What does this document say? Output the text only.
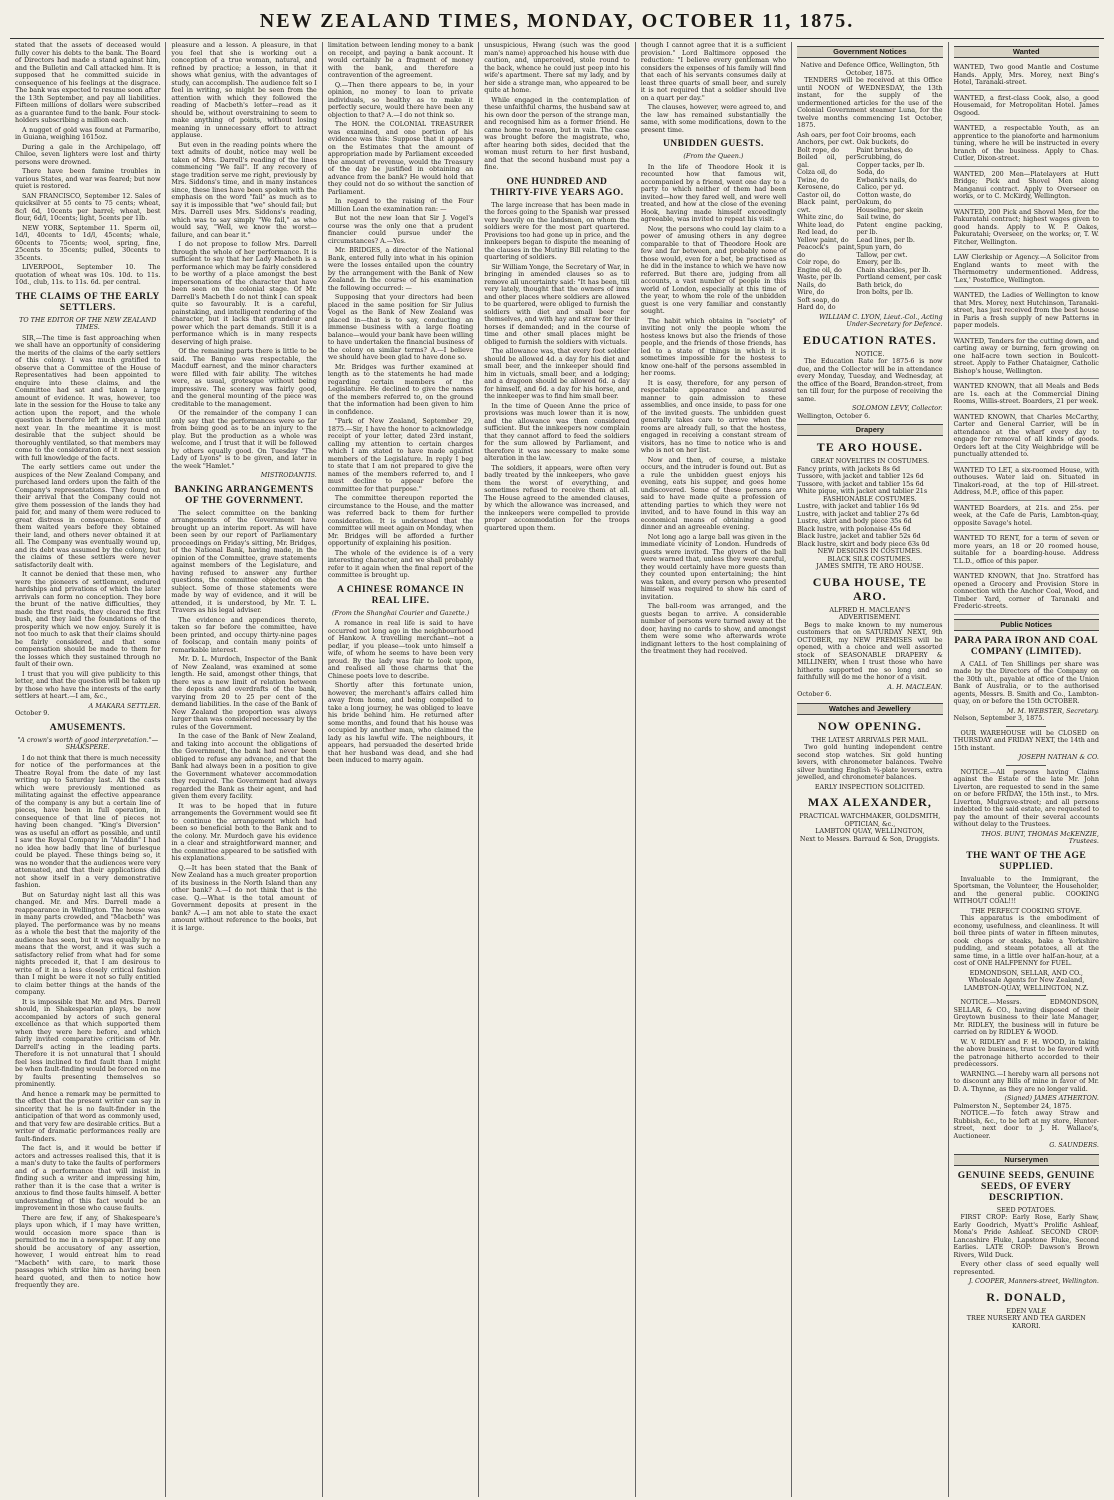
NEW ZEALAND TIMES, MONDAY, OCTOBER 11, 1875.

stated that the assets of deceased would fully cover his debts to the bank. The Board of Directors had made a stand against him, and the Bulletin and Call attacked him. It is supposed that he committed suicide in consequence of his feelings at the disgrace. The bank was expected to resume soon after the 13th September, and pay all liabilities. Fifteen millions of dollars were subscribed as a guarantee fund to the bank. Four stock-holders subscribing a million each.

A nugget of gold was found at Parmaribo, in Guiana, weighing 1615oz.

During a gale in the Archipelago, off Chiloe, seven lighters were lost and thirty persons were drowned.

There have been famine troubles in various States, and war was feared; but now quiet is restored.

SAN FRANCISCO, September 12. Sales of quicksilver at 55 cents to 75 cents; wheat, 8c/l 6d, 10cents per barrel; wheat, best flour, 6d/l, 10cents; light, 5cents per 1lb.

NEW YORK, September 11. Sperm oil, 1d/l, 40cents to 1d/l, 45cents; whale, 60cents to 75cents; wool, spring, fine, 25cents to 35cents; pulled, 30cents to 35cents.

LIVERPOOL, September 10. The quotation of wheat was 10s. 10d. to 11s. 10d., club, 11s. to 11s. 6d. per central.

THE CLAIMS OF THE EARLY SETTLERS.
TO THE EDITOR OF THE NEW ZEALAND TIMES.

SIR,—The time is fast approaching when we shall have an opportunity of considering the merits of the claims of the early settlers of this colony. I was much gratified to observe that a Committee of the House of Representatives had been appointed to enquire into these claims, and the Committee had sat and taken a large amount of evidence. It was, however, too late in the session for the House to take any action upon the report, and the whole question is therefore left in abeyance until next year. In the meantime it is most desirable that the subject should be thoroughly ventilated, so that members may come to the consideration of it next session with full knowledge of the facts.

The early settlers came out under the auspices of the New Zealand Company, and purchased land orders upon the faith of the Company's representations. They found on their arrival that the Company could not give them possession of the lands they had paid for, and many of them were reduced to great distress in consequence. Some of them waited years before they obtained their land, and others never obtained it at all. The Company was eventually wound up, and its debt was assumed by the colony, but the claims of these settlers were never satisfactorily dealt with.

It cannot be denied that these men, who were the pioneers of settlement, endured hardships and privations of which the later arrivals can form no conception. They bore the brunt of the native difficulties, they made the first roads, they cleared the first bush, and they laid the foundations of the prosperity which we now enjoy. Surely it is not too much to ask that their claims should be fairly considered, and that some compensation should be made to them for the losses which they sustained through no fault of their own.

I trust that you will give publicity to this letter, and that the question will be taken up by those who have the interests of the early settlers at heart.—I am, &c.,

A MAKARA SETTLER.
October 9.
AMUSEMENTS.
"A crown's worth of good interpretation."—SHAKSPERE.

I do not think that there is much necessity for notice of the performances at the Theatre Royal from the date of my last writing up to Saturday last. All the casts which were previously mentioned as militating against the effective appearance of the company is any but a certain line of pieces, have been in full operation, in consequence of that line of pieces not having been changed. "King's Diversion" was as useful an effort as possible, and until I saw the Royal Company in "Aladdin" I had no idea how badly that line of burlesque could be played. These things being so, it was no wonder that the audiences were very attenuated, and that their applications did not show itself in a very demonstrative fashion.

But on Saturday night last all this was changed. Mr. and Mrs. Darrell made a reappearance in Wellington. The house was in many parts crowded, and "Macbeth" was played. The performance was by no means as a whole the best that the majority of the audience has seen, but it was equally by no means that the worst, and it was such a satisfactory relief from what had for some nights preceded it, that I am desirous to write of it in a less closely critical fashion than I might be were it not so fully entitled to claim better things at the hands of the company.

It is impossible that Mr. and Mrs. Darrell should, in Shakespearian plays, be now accompanied by actors of such general excellence as that which supported them when they were here before, and which fairly invited comparative criticism of Mr. Darrell's acting in the leading parts. Therefore it is not unnatural that I should feel less inclined to find fault than I might be when fault-finding would be forced on me by faults presenting themselves so prominently.

And hence a remark may be permitted to the effect that the present writer can say in sincerity that he is no fault-finder in the anticipation of that word as commonly used, and that very few are desirable critics. But a writer of dramatic performances really are fault-finders.

The fact is, and it would be better if actors and actresses realised this, that it is a man's duty to take the faults of performers and of a performance that will insist in finding such a writer and impressing him, rather than it is the case that a writer is anxious to find those faults himself. A better understanding of this fact would be an improvement in those who cause faults.

There are few, if any, of Shakespeare's plays upon which, if I may have written, would occasion more space than is permitted to me in a newspaper. If any one should be accusatory of any assertion, however, I would entreat him to read "Macbeth" with care, to mark those passages which strike him as having been heard quoted, and then to notice how frequently they are.

pleasure and a lesson. A pleasure, in that you feel that she is working out a conception of a true woman, natural, and refined by practice; a lesson, in that it shows what genius, with the advantages of study, can accomplish. The audience felt so I feel in writing, so might be seen from the attention with which they followed the reading of Macbeth's letter—read as it should be, without overstraining to seem to make anything of points, without losing meaning in unnecessary effort to attract applause.

But even in the reading points where the text admits of doubt, notice may well be taken of Mrs. Darrell's reading of the lines commencing "We fail". If any recovery of stage tradition serve me right, previously by Mrs. Siddons's time, and in many instances since, these lines have been spoken with the emphasis on the word "fail" as much as to say it is impossible that "we" should fail; but Mrs. Darrell uses Mrs. Siddons's reading, which was to say simply "We fail," as who would say, "Well, we know the worst—failure, and can bear it."

I do not propose to follow Mrs. Darrell through the whole of her performance. It is sufficient to say that her Lady Macbeth is a performance which may be fairly considered to be worthy of a place amongst the best impersonations of the character that have been seen on the colonial stage. Of Mr. Darrell's Macbeth I do not think I can speak quite so favourably. It is a careful, painstaking, and intelligent rendering of the character, but it lacks that grandeur and power which the part demands. Still it is a performance which is in many respects deserving of high praise.

Of the remaining parts there is little to be said. The Banquo was respectable, the Macduff earnest, and the minor characters were filled with fair ability. The witches were, as usual, grotesque without being impressive. The scenery was fairly good, and the general mounting of the piece was creditable to the management.

Of the remainder of the company I can only say that the performances were so far from being good as to be an injury to the play. But the production as a whole was welcome, and I trust that it will be followed by others equally good. On Tuesday "The Lady of Lyons" is to be given, and later in the week "Hamlet."

MISTRODANTIS.
BANKING ARRANGEMENTS OF THE GOVERNMENT.

The select committee on the banking arrangements of the Government have brought up an interim report. As will have been seen by our report of Parliamentary proceedings on Friday's sitting, Mr. Bridges, of the National Bank, having made, in the opinion of the Committee, grave statements against members of the Legislature, and having refused to answer any further questions, the committee objected on the subject. Some of those statements were made by way of evidence, and it will be attended, it is understood, by Mr. T. L. Travers as his legal adviser.

The evidence and appendices thereto, taken so far before the committee, have been printed, and occupy thirty-nine pages of foolscap, and contain many points of remarkable interest.

Mr. D. L. Murdoch, Inspector of the Bank of New Zealand, was examined at some length. He said, amongst other things, that there was a new limit of relation between the deposits and overdrafts of the bank, varying from 20 to 25 per cent of the demand liabilities. In the case of the Bank of New Zealand the proportion was always larger than was considered necessary by the rules of the Government.

In the case of the Bank of New Zealand, and taking into account the obligations of the Government, the bank had never been obliged to refuse any advance, and that the Bank had always been in a position to give the Government whatever accommodation they required. The Government had always regarded the Bank as their agent, and had given them every facility.

It was to be hoped that in future arrangements the Government would see fit to continue the arrangement which had been so beneficial both to the Bank and to the colony. Mr. Murdoch gave his evidence in a clear and straightforward manner, and the committee appeared to be satisfied with his explanations.

Q.—It has been stated that the Bank of New Zealand has a much greater proportion of its business in the North Island than any other bank? A.—I do not think that is the case. Q.—What is the total amount of Government deposits at present in the bank? A.—I am not able to state the exact amount without reference to the books, but it is large.

limitation between lending money to a bank on receipt, and paying a bank account. It would certainly be a fragment of money with the bank, and therefore a contravention of the agreement.

Q.—Then there appears to be, in your opinion, no money to loan to private individuals, so healthy as to make it perfectly secure, would there have been any objection to that? A.—I do not think so.

The HON. the COLONIAL TREASURER was examined, and one portion of his evidence was this: Suppose that it appears on the Estimates that the amount of appropriation made by Parliament exceeded the amount of revenue, would the Treasury of the day be justified in obtaining an advance from the bank? He would hold that they could not do so without the sanction of Parliament.

In regard to the raising of the Four Million Loan the examination ran: —

But not the new loan that Sir J. Vogel's course was the only one that a prudent financier could pursue under the circumstances? A.—Yes.

Mr. BRIDGES, a director of the National Bank, entered fully into what in his opinion were the losses entailed upon the country by the arrangement with the Bank of New Zealand. In the course of his examination the following occurred: —

Supposing that your directors had been placed in the same position for Sir Julius Vogel as the Bank of New Zealand was placed in—that is to say, conducting an immense business with a large floating balance—would your bank have been willing to have undertaken the financial business of the colony on similar terms? A.—I believe we should have been glad to have done so.

Mr. Bridges was further examined at length as to the statements he had made regarding certain members of the Legislature. He declined to give the names of the members referred to, on the ground that the information had been given to him in confidence.

"Park of New Zealand, September 29, 1875.—Sir, I have the honor to acknowledge receipt of your letter, dated 23rd instant, calling my attention to certain charges which I am stated to have made against members of the Legislature. In reply I beg to state that I am not prepared to give the names of the members referred to, and I must decline to appear before the committee for that purpose."

The committee thereupon reported the circumstance to the House, and the matter was referred back to them for further consideration. It is understood that the committee will meet again on Monday, when Mr. Bridges will be afforded a further opportunity of explaining his position.

The whole of the evidence is of a very interesting character, and we shall probably refer to it again when the final report of the committee is brought up.

A CHINESE ROMANCE IN REAL LIFE.
(From the Shanghai Courier and Gazette.)

A romance in real life is said to have occurred not long ago in the neighbourhood of Hankow. A travelling merchant—not a pedlar, if you please—took unto himself a wife, of whom he seems to have been very proud. By the lady was fair to look upon, and realised all those charms that the Chinese poets love to describe.

Shortly after this fortunate union, however, the merchant's affairs called him away from home, and being compelled to take a long journey, he was obliged to leave his bride behind him. He returned after some months, and found that his house was occupied by another man, who claimed the lady as his lawful wife. The neighbours, it appears, had persuaded the deserted bride that her husband was dead, and she had been induced to marry again.

unsuspicious, Hwang (such was the good man's name) approached his house with due caution, and, unperceived, stole round to the back, whence he could just peep into his wife's apartment. There sat my lady, and by her side a strange man, who appeared to be quite at home.

While engaged in the contemplation of these unfaithful charms, the husband saw at his own door the person of the strange man, and recognised him as a former friend. He came home to reason, but in vain. The case was brought before the magistrate, who, after hearing both sides, decided that the woman must return to her first husband, and that the second husband must pay a fine.

ONE HUNDRED AND THIRTY-FIVE YEARS AGO.

The large increase that has been made in the forces going to the Spanish war pressed very heavily on the landsmen, on whom the soldiers were for the most part quartered. Provisions too had gone up in price, and the innkeepers began to dispute the meaning of the clauses in the Mutiny Bill relating to the quartering of soldiers.

Sir William Yonge, the Secretary of War, in bringing in amended clauses so as to remove all uncertainty said: "It has been, till very lately, thought that the owners of inns and other places where soldiers are allowed to be quartered, were obliged to furnish the soldiers with diet and small beer for themselves, and with hay and straw for their horses if demanded; and in the course of time and other small places might be obliged to furnish the soldiers with victuals.

The allowance was, that every foot soldier should be allowed 4d. a day for his diet and small beer, and the innkeeper should find him in victuals, small beer, and a lodging; and a dragoon should be allowed 6d. a day for himself, and 6d. a day for his horse, and the innkeeper was to find him small beer.

In the time of Queen Anne the price of provisions was much lower than it is now, and the allowance was then considered sufficient. But the innkeepers now complain that they cannot afford to feed the soldiers for the sum allowed by Parliament, and therefore it was necessary to make some alteration in the law.

The soldiers, it appears, were often very badly treated by the innkeepers, who gave them the worst of everything, and sometimes refused to receive them at all. The House agreed to the amended clauses, by which the allowance was increased, and the innkeepers were compelled to provide proper accommodation for the troops quartered upon them.

though I cannot agree that it is a sufficient provision." Lord Baltimore opposed the reduction: "I believe every gentleman who considers the expenses of his family will find that each of his servants consumes daily at least three quarts of small beer, and surely it is not required that a soldier should live on a quart per day."

The clauses, however, were agreed to, and the law has remained substantially the same, with some modifications, down to the present time.

UNBIDDEN GUESTS.
(From the Queen.)

In the life of Theodore Hook it is recounted how that famous wit, accompanied by a friend, went one day to a party to which neither of them had been invited—how they fared well, and were well treated, and how at the close of the evening Hook, having made himself exceedingly agreeable, was invited to repeat his visit.

Now, the persons who could lay claim to a power of amusing others in any degree comparable to that of Theodore Hook are few and far between, and probably none of those would, even for a bet, be practised as he did in the instance to which we have now referred. But there are, judging from all accounts, a vast number of people in this world of London, especially at this time of the year, to whom the role of the unbidden guest is one very familiar and constantly sought.

The habit which obtains in "society" of inviting not only the people whom the hostess knows but also the friends of those people, and the friends of those friends, has led to a state of things in which it is sometimes impossible for the hostess to know one-half of the persons assembled in her rooms.

It is easy, therefore, for any person of respectable appearance and assured manner to gain admission to these assemblies, and once inside, to pass for one of the invited guests. The unbidden guest generally takes care to arrive when the rooms are already full, so that the hostess, engaged in receiving a constant stream of visitors, has no time to notice who is and who is not on her list.

Now and then, of course, a mistake occurs, and the intruder is found out. But as a rule the unbidden guest enjoys his evening, eats his supper, and goes home undiscovered. Some of these persons are said to have made quite a profession of attending parties to which they were not invited, and to have found in this way an economical means of obtaining a good dinner and an agreeable evening.

Not long ago a large ball was given in the immediate vicinity of London. Hundreds of guests were invited. The givers of the ball were warned that, unless they were careful, they would certainly have more guests than they counted upon entertaining; the hint was taken, and every person who presented himself was required to show his card of invitation.

The ball-room was arranged, and the guests began to arrive. A considerable number of persons were turned away at the door, having no cards to show, and amongst them were some who afterwards wrote indignant letters to the host complaining of the treatment they had received.

Government Notices
Native and Defence Office, Wellington, 5th October, 1875.

TENDERS will be received at this Office until NOON of WEDNESDAY, the 13th instant, for the supply of the undermentioned articles for the use of the Colonial Government steamer Luna, for the twelve months commencing 1st October, 1875.

Ash oars, per foot
Anchors, per cwt.
Bolt rope, do
Boiled oil, per gal.
Colza oil, do
Twine, do
Kerosene, do
Castor oil, do
Black paint, per cwt.
White zinc, do
White lead, do
Red lead, do
Yellow paint, do
Peacock's paint, do
Coir rope, do
Engine oil, do
Waste, per lb.
Nails, do
Wire, do
Soft soap, do
Hard do, do
Coir brooms, each
Oak buckets, do
Paint brushes, do
Scrubbing, do
Copper tacks, per lb.
Soda, do
Ewbank's nails, do
Calico, per yd.
Cotton waste, do
Oakum, do
Houseline, per skein
Sail twine, do
Patent engine packing, per lb.
Lead lines, per lb.
Spun yarn, do
Tallow, per cwt.
Emery, per lb.
Chain shackles, per lb.
Portland cement, per cask
Bath brick, do
Iron bolts, per lb.
WILLIAM C. LYON, Lieut.-Col., Acting Under-Secretary for Defence.
EDUCATION RATES.
NOTICE.

The Education Rate for 1875-6 is now due, and the Collector will be in attendance every Monday, Tuesday, and Wednesday, at the office of the Board, Brandon-street, from ten till four, for the purpose of receiving the same.

SOLOMON LEVY, Collector.
Wellington, October 6.
Drapery
TE ARO HOUSE.
GREAT NOVELTIES IN COSTUMES.
Fancy prints, with jackets 8s 6d
Tussore, with jacket and tablier 12s 6d
Tussore, with jacket and tablier 15s 6d
White pique, with jacket and tablier 21s
FASHIONABLE COSTUMES.
Lustre, with jacket and tablier 16s 9d
Lustre, with jacket and tablier 27s 6d
Lustre, skirt and body piece 35s 6d
Black lustre, with polonaise 45s 6d
Black lustre, jacket and tablier 52s 6d
Black lustre, skirt and body piece 63s 0d
NEW DESIGNS IN COSTUMES.
BLACK SILK COSTUMES.
JAMES SMITH, TE ARO HOUSE.
CUBA HOUSE, TE ARO.
ALFRED H. MACLEAN'S
ADVERTISEMENT.

Begs to make known to my numerous customers that on SATURDAY NEXT, 9th OCTOBER, my NEW PREMISES will be opened, with a choice and well assorted stock of SEASONABLE DRAPERY & MILLINERY, when I trust those who have hitherto supported me so long and so faithfully will do me the honor of a visit.

A. H. MACLEAN.
October 6.
Watches and Jewellery
NOW OPENING.
THE LATEST ARRIVALS PER MAIL.

Two gold hunting independent centre second stop watches. Six gold hunting levers, with chronometer balances. Twelve silver hunting English ¾-plate levers, extra jewelled, and chronometer balances.

EARLY INSPECTION SOLICITED.
MAX ALEXANDER,
PRACTICAL WATCHMAKER, GOLDSMITH, OPTICIAN, &c.,
LAMBTON QUAY, WELLINGTON,
Next to Messrs. Barraud & Son, Druggists.
Wanted
WANTED, Two good Mantle and Costume Hands. Apply, Mrs. Morey, next Bing's Hotel, Taranaki-street.
WANTED, a first-class Cook, also, a good Housemaid, for Metropolitan Hotel. James Osgood.
WANTED, a respectable Youth, as an apprentice to the pianoforte and harmonium tuning, where he will be instructed in every branch of the business. Apply to Chas. Cutler, Dixon-street.
WANTED, 200 Men—Platelayers at Hutt Bridge; Pick and Shovel Men along Manganui contract. Apply to Overseer on works, or to C. McKirdy, Wellington.
WANTED, 200 Pick and Shovel Men, for the Pakuratahi contract; highest wages given to good hands. Apply to W. P. Oakes, Pakuratahi; Overseer, on the works; or, T. W. Fitcher, Wellington.
LAW Clerkship or Agency.—A Solicitor from England wants to meet with the Thermometry undermentioned. Address, 'Lex,' Postoffice, Wellington.
WANTED, the Ladies of Wellington to know that Mrs. Morey, next Hutchinson, Taranaki-street, has just received from the best house in Paris a fresh supply of new Patterns in paper models.
WANTED, Tenders for the cutting down, and carting away or burning, fern growing on one half-acre town section in Boulcott-street. Apply to Father Chataigner, Catholic Bishop's house, Wellington.
WANTED KNOWN, that all Meals and Beds are 1s. each at the Commercial Dining Rooms, Willis-street. Boarders, 21 per week.
WANTED KNOWN, that Charles McCarthy, Carter and General Carrier, will be in attendance at the wharf every day to engage for removal of all kinds of goods. Orders left at the City Weighbridge will be punctually attended to.
WANTED TO LET, a six-roomed House, with outhouses. Water laid on. Situated in Tinakori-road, at the top of Hill-street. Address, M.P., office of this paper.
WANTED Boarders, at 21s. and 25s. per week, at the Cafe de Paris, Lambton-quay, opposite Savage's hotel.
WANTED TO RENT, for a term of seven or more years, an 18 or 20 roomed house, suitable for a boarding-house. Address T.L.D., office of this paper.
WANTED KNOWN, that Jno. Stratford has opened a Grocery and Provision Store in connection with the Anchor Coal, Wood, and Timber Yard, corner of Taranaki and Frederic-streets.
Public Notices
PARA PARA IRON AND COAL COMPANY (LIMITED).

A CALL of Ten Shillings per share was made by the Directors of the Company on the 30th ult., payable at office of the Union Bank of Australia, or to the authorised agents, Messrs. B. Smith and Co., Lambton-quay, on or before the 15th OCTOBER.

M. M. WEBSTER, Secretary.
Nelson, September 3, 1875.

OUR WAREHOUSE will be CLOSED on THURSDAY and FRIDAY NEXT, the 14th and 15th instant.

JOSEPH NATHAN & CO.

NOTICE.—All persons having Claims against the Estate of the late Mr. John Liverton, are requested to send in the same on or before FRIDAY, the 15th inst., to Mrs. Liverton, Mulgrave-street; and all persons indebted to the said estate, are requested to pay the amount of their several accounts without delay to the Trustees.

THOS. BUNT, THOMAS McKENZIE, Trustees.
THE WANT OF THE AGE SUPPLIED.

Invaluable to the Immigrant, the Sportsman, the Volunteer, the Householder, and the general public. COOKING WITHOUT COAL!!!

THE PERFECT COOKING STOVE.

This apparatus is the embodiment of economy, usefulness, and cleanliness. It will boil three pints of water in fifteen minutes, cook chops or steaks, bake a Yorkshire pudding, and steam potatoes, all at the same time, in a little over half-an-hour, at a cost of ONE HALFPENNY for FUEL.

EDMONDSON, SELLAR, AND CO., Wholesale Agents for New Zealand, LAMBTON-QUAY, WELLINGTON, N.Z.

NOTICE.—Messrs. EDMONDSON, SELLAR, & CO., having disposed of their Greytown business to their late Manager, Mr. RIDLEY, the business will in future be carried on by RIDLEY & WOOD.

W. V. RIDLEY and F. H. WOOD, in taking the above business, trust to be favored with the patronage hitherto accorded to their predecessors.

WARNING.—I hereby warn all persons not to discount any Bills of mine in favor of Mr. D. A. Thynne, as they are no longer valid.

(Signed) JAMES ATHERTON.
Palmerston N., September 24, 1875.

NOTICE.—To fetch away Straw and Rubbish, &c., to be left at my store, Hunter-street, next door to J. H. Wallace's, Auctioneer.

G. SAUNDERS.
Nurserymen
GENUINE SEEDS, GENUINE SEEDS, OF EVERY DESCRIPTION.
SEED POTATOES.

FIRST CROP: Early Rose, Early Shaw, Early Goodrich, Myatt's Prolific Ashleaf, Mona's Pride Ashleaf. SECOND CROP: Lancashire Fluke, Lapstone Fluke, Second Earlies. LATE CROP: Dawson's Brown Rivers, Wild Duck.

Every other class of seed equally well represented.

J. COOPER, Manners-street, Wellington.
R. DONALD,
EDEN VALE
TREE NURSERY AND TEA GARDEN KARORI.
